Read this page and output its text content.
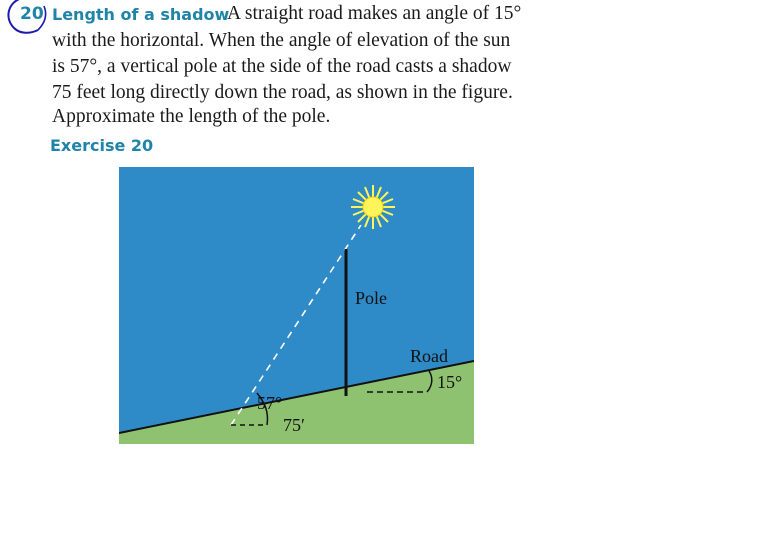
20 Length of a shadow
A straight road makes an angle of 15°
with the horizontal. When the angle of elevation of the sun
is 57°, a vertical pole at the side of the road casts a shadow
75 feet long directly down the road, as shown in the figure.
Approximate the length of the pole.
Exercise 20
Pole
Road
15°
57°
75′
